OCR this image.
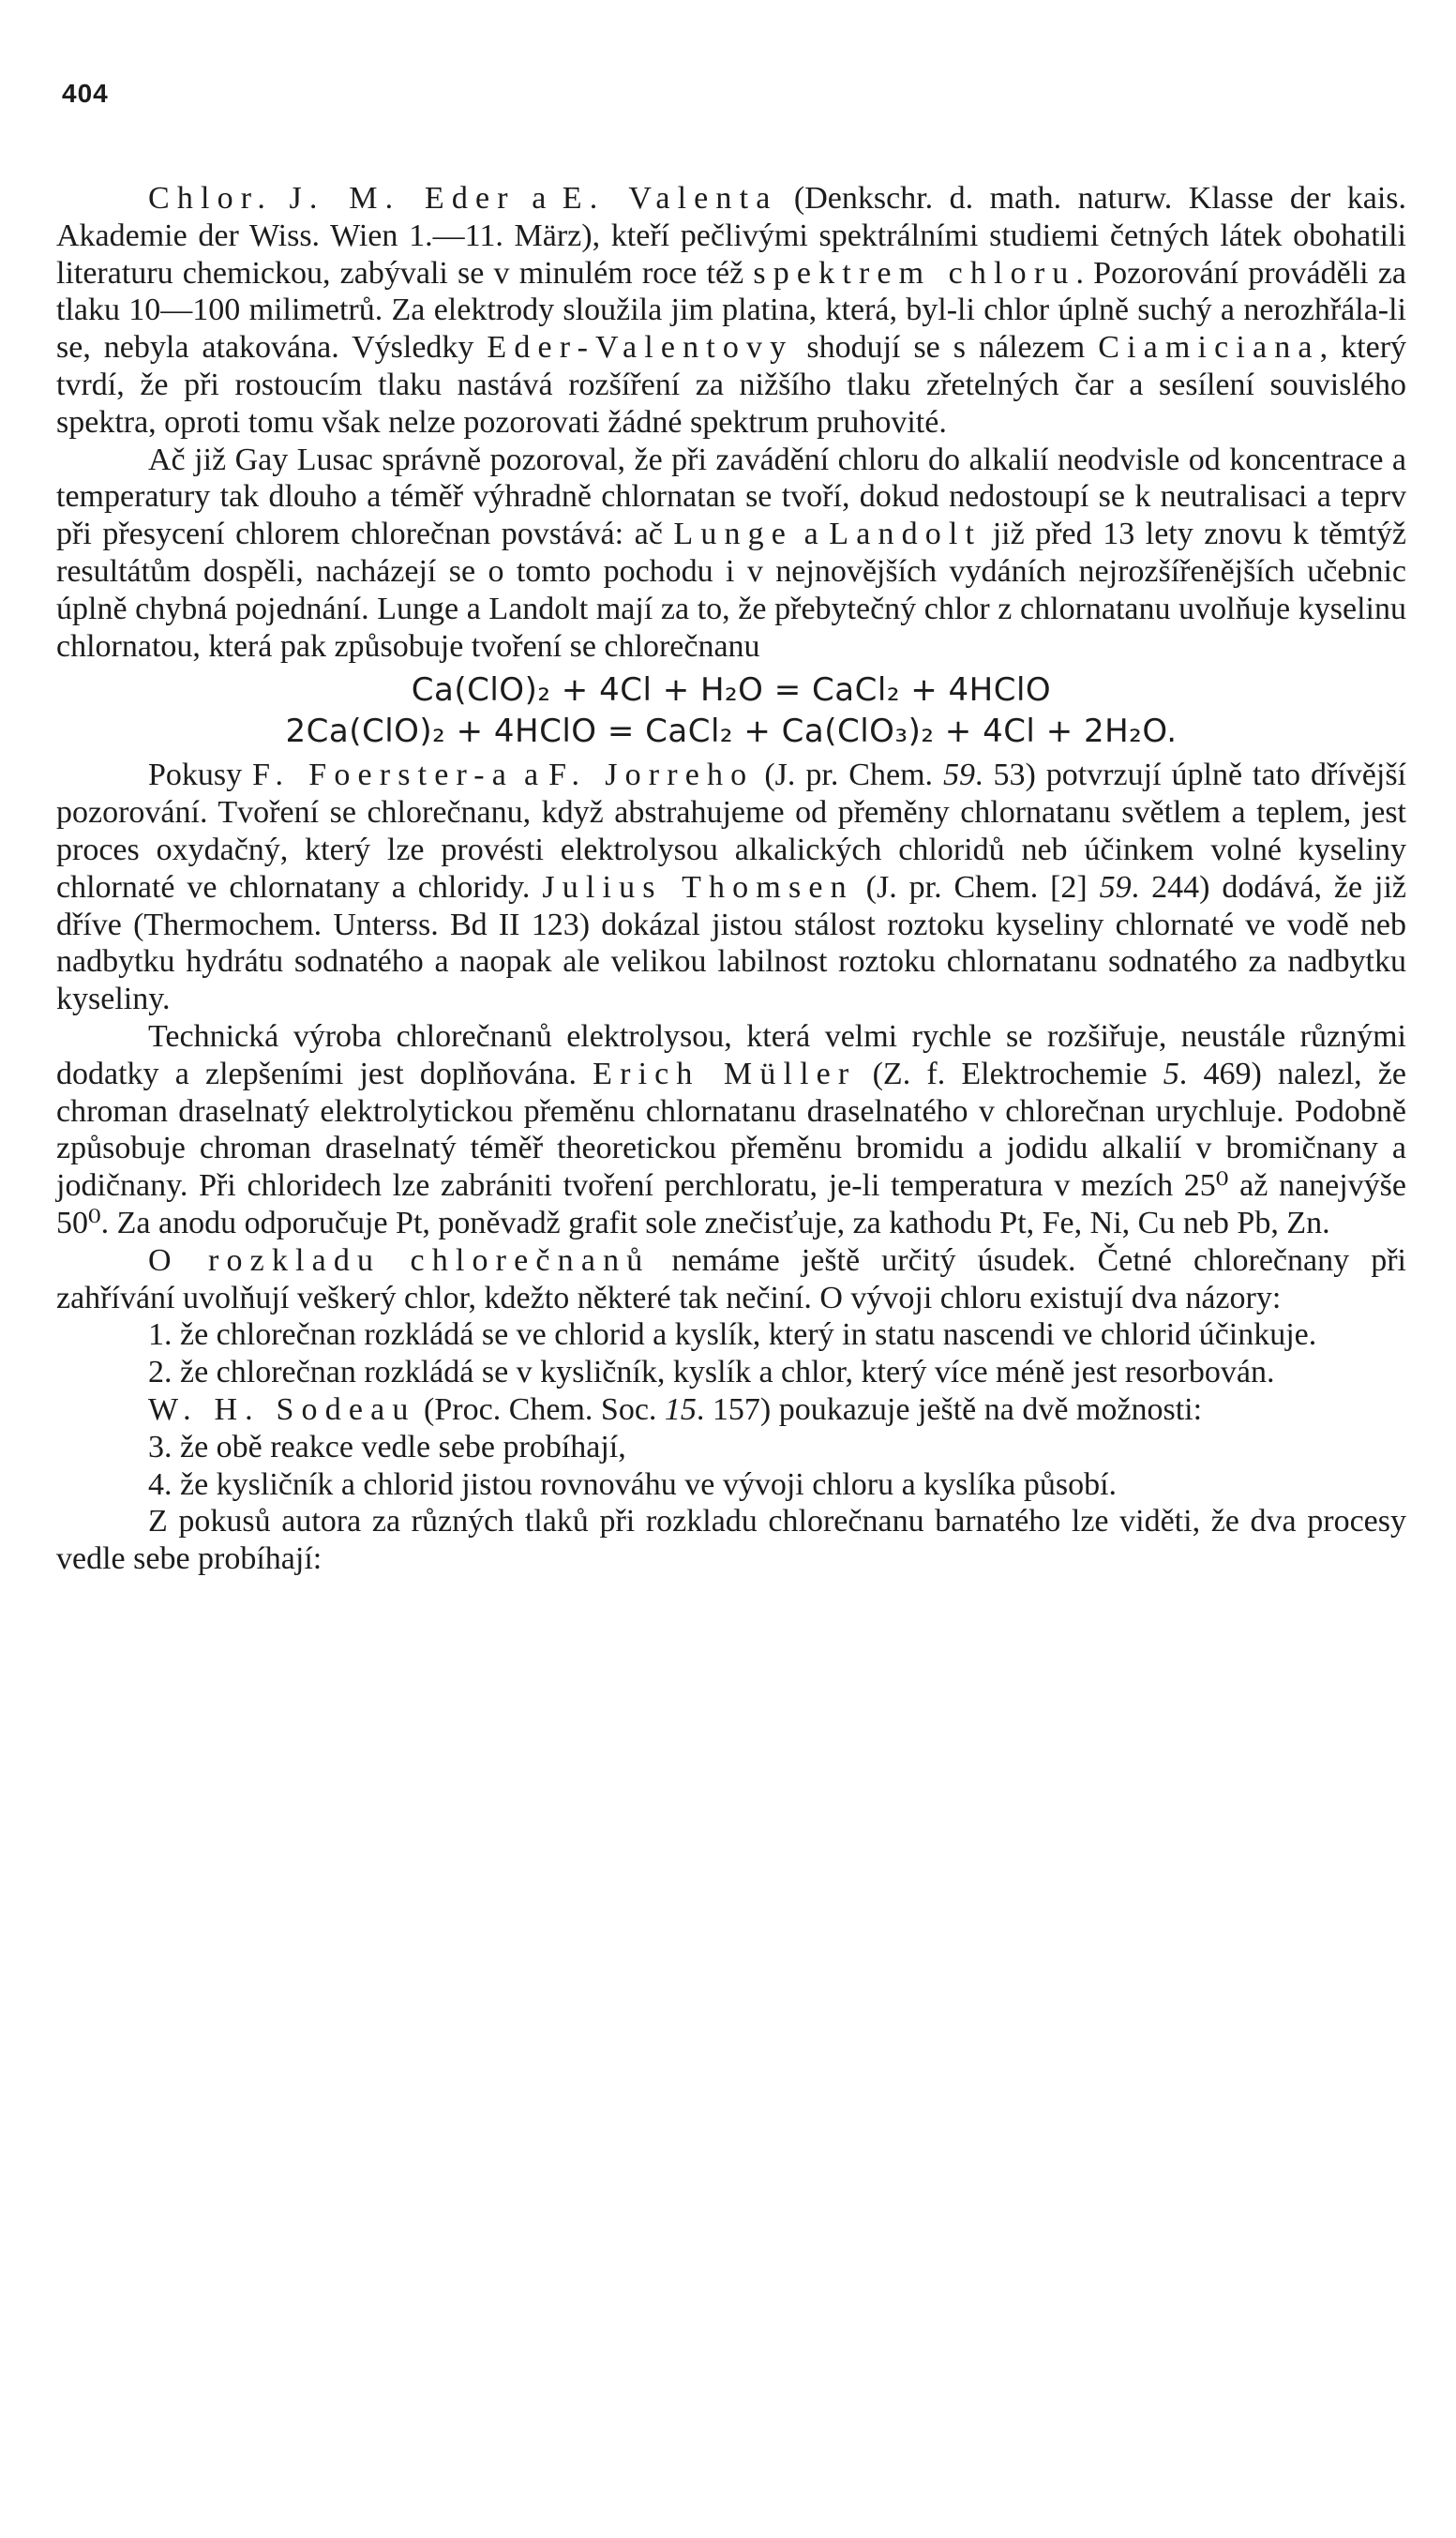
404

Chlor. J. M. Eder a E. Valenta (Denkschr. d. math. naturw. Klasse der kais. Akademie der Wiss. Wien 1.—11. März), kteří pečlivými spektrálními studiemi četných látek obohatili literaturu chemickou, zabývali se v minulém roce též spektrem chloru. Pozorování prováděli za tlaku 10—100 milimetrů. Za elektrody sloužila jim platina, která, byl-li chlor úplně suchý a nerozhřála-li se, nebyla atakována. Výsledky Eder-Valentovy shodují se s nálezem Ciamiciana, který tvrdí, že při rostoucím tlaku nastává rozšíření za nižšího tlaku zřetelných čar a sesílení souvislého spektra, oproti tomu však nelze pozorovati žádné spektrum pruhovité.

Ač již Gay Lusac správně pozoroval, že při zavádění chloru do alkalií neodvisle od koncentrace a temperatury tak dlouho a téměř výhradně chlornatan se tvoří, dokud nedostoupí se k neutralisaci a teprv při přesycení chlorem chlorečnan povstává: ač Lunge a Landolt již před 13 lety znovu k těmtýž resultátům dospěli, nacházejí se o tomto pochodu i v nejnovějších vydáních nejrozšířenějších učebnic úplně chybná pojednání. Lunge a Landolt mají za to, že přebytečný chlor z chlornatanu uvolňuje kyselinu chlornatou, která pak způsobuje tvoření se chlorečnanu

Ca(ClO)₂ + 4Cl + H₂O = CaCl₂ + 4HClO
2Ca(ClO)₂ + 4HClO = CaCl₂ + Ca(ClO₃)₂ + 4Cl + 2H₂O.

Pokusy F. Foerster-a a F. Jorreho (J. pr. Chem. 59. 53) potvrzují úplně tato dřívější pozorování. Tvoření se chlorečnanu, když abstrahujeme od přeměny chlornatanu světlem a teplem, jest proces oxydačný, který lze provésti elektrolysou alkalických chloridů neb účinkem volné kyseliny chlornaté ve chlornatany a chloridy. Julius Thomsen (J. pr. Chem. [2] 59. 244) dodává, že již dříve (Thermochem. Unterss. Bd II 123) dokázal jistou stálost roztoku kyseliny chlornaté ve vodě neb nadbytku hydrátu sodnatého a naopak ale velikou labilnost roztoku chlornatanu sodnatého za nadbytku kyseliny.

Technická výroba chlorečnanů elektrolysou, která velmi rychle se rozšiřuje, neustále různými dodatky a zlepšeními jest doplňována. Erich Müller (Z. f. Elektrochemie 5. 469) nalezl, že chroman draselnatý elektrolytickou přeměnu chlornatanu draselnatého v chlorečnan urychluje. Podobně způsobuje chroman draselnatý téměř theoretickou přeměnu bromidu a jodidu alkalií v bromičnany a jodičnany. Při chloridech lze zabrániti tvoření perchloratu, je-li temperatura v mezích 25⁰ až nanejvýše 50⁰. Za anodu odporučuje Pt, poněvadž grafit sole znečisťuje, za kathodu Pt, Fe, Ni, Cu neb Pb, Zn.

O rozkladu chlorečnanů nemáme ještě určitý úsudek. Četné chlorečnany při zahřívání uvolňují veškerý chlor, kdežto některé tak nečiní. O vývoji chloru existují dva názory:

1. že chlorečnan rozkládá se ve chlorid a kyslík, který in statu nascendi ve chlorid účinkuje.

2. že chlorečnan rozkládá se v kysličník, kyslík a chlor, který více méně jest resorbován.

W. H. Sodeau (Proc. Chem. Soc. 15. 157) poukazuje ještě na dvě možnosti:

3. že obě reakce vedle sebe probíhají,

4. že kysličník a chlorid jistou rovnováhu ve vývoji chloru a kyslíka působí.

Z pokusů autora za různých tlaků při rozkladu chlorečnanu barnatého lze viděti, že dva procesy vedle sebe probíhají:
